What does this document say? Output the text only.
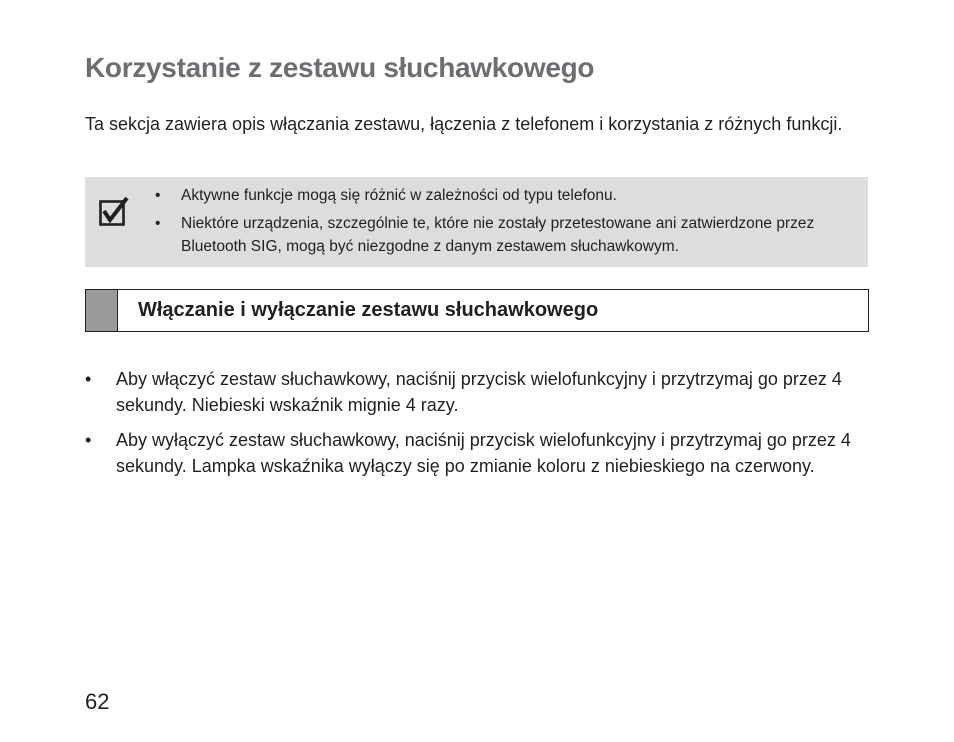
Korzystanie z zestawu słuchawkowego

Ta sekcja zawiera opis włączania zestawu, łączenia z telefonem i korzystania z różnych funkcji.

• Aktywne funkcje mogą się różnić w zależności od typu telefonu.
• Niektóre urządzenia, szczególnie te, które nie zostały przetestowane ani zatwierdzone przez Bluetooth SIG, mogą być niezgodne z danym zestawem słuchawkowym.
Włączanie i wyłączanie zestawu słuchawkowego
• Aby włączyć zestaw słuchawkowy, naciśnij przycisk wielofunkcyjny i przytrzymaj go przez 4 sekundy. Niebieski wskaźnik mignie 4 razy.
• Aby wyłączyć zestaw słuchawkowy, naciśnij przycisk wielofunkcyjny i przytrzymaj go przez 4 sekundy. Lampka wskaźnika wyłączy się po zmianie koloru z niebieskiego na czerwony.

62
